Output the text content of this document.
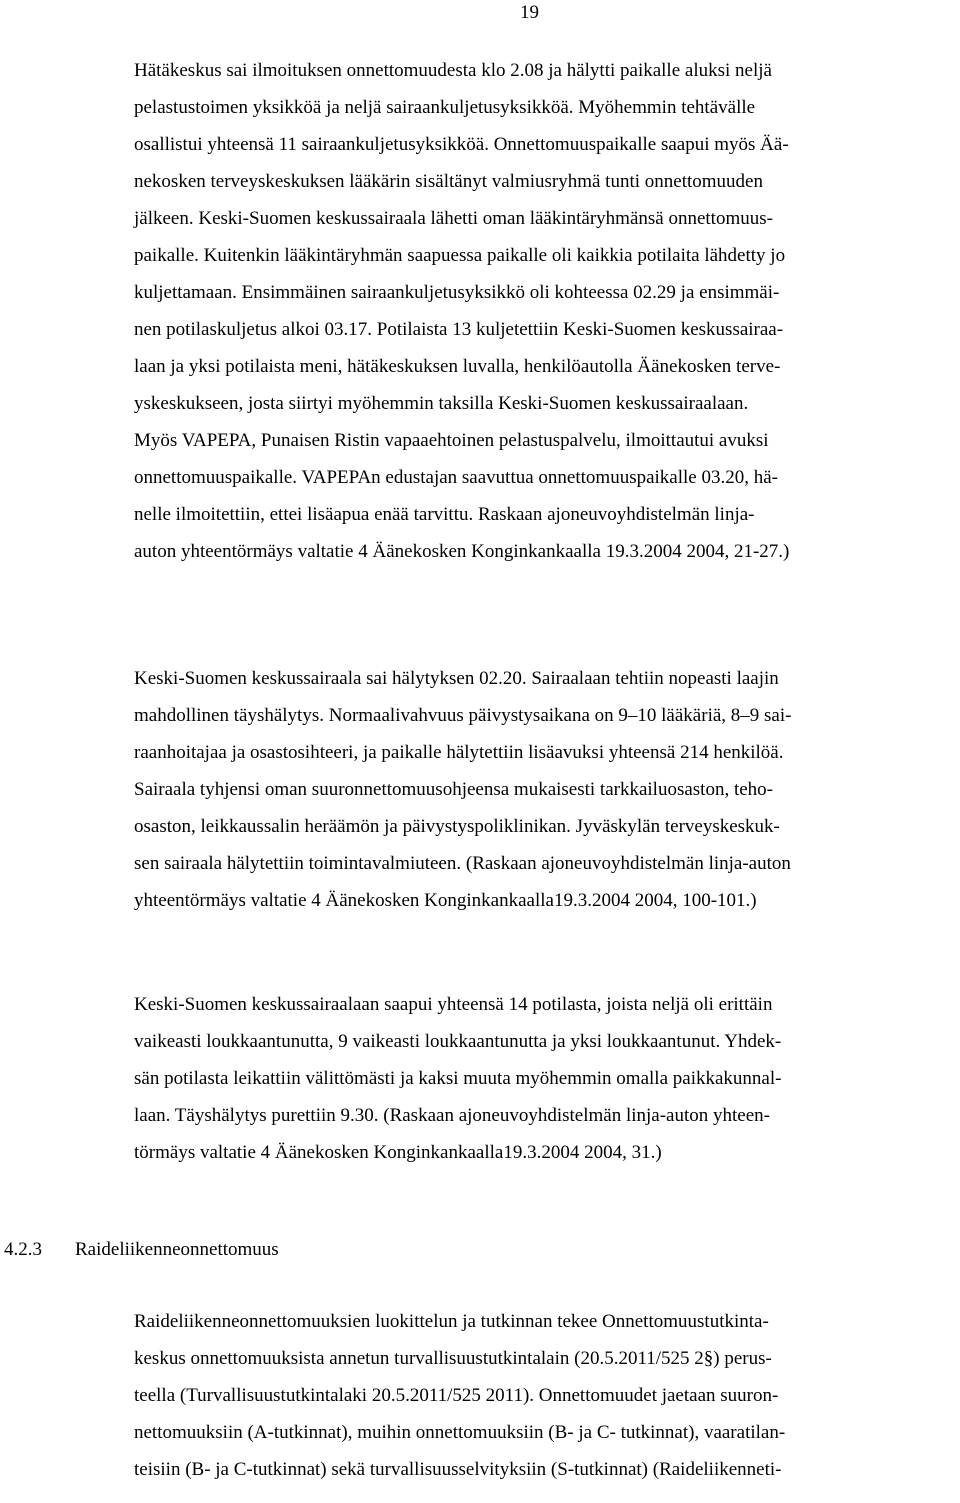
19
Hätäkeskus sai ilmoituksen onnettomuudesta klo 2.08 ja hälytti paikalle aluksi neljä
pelastustoimen yksikköä ja neljä sairaankuljetusyksikköä. Myöhemmin tehtävälle
osallistui yhteensä 11 sairaankuljetusyksikköä. Onnettomuuspaikalle saapui myös Ää-
nekosken terveyskeskuksen lääkärin sisältänyt valmiusryhmä tunti onnettomuuden
jälkeen. Keski-Suomen keskussairaala lähetti oman lääkintäryhmänsä onnettomuus-
paikalle. Kuitenkin lääkintäryhmän saapuessa paikalle oli kaikkia potilaita lähdetty jo
kuljettamaan. Ensimmäinen sairaankuljetusyksikkö oli kohteessa 02.29 ja ensimmäi-
nen potilaskuljetus alkoi 03.17. Potilaista 13 kuljetettiin Keski-Suomen keskussairaa-
laan ja yksi potilaista meni, hätäkeskuksen luvalla, henkilöautolla Äänekosken terve-
yskeskukseen, josta siirtyi myöhemmin taksilla Keski-Suomen keskussairaalaan.
Myös VAPEPA, Punaisen Ristin vapaaehtoinen pelastuspalvelu, ilmoittautui avuksi
onnettomuuspaikalle. VAPEPAn edustajan saavuttua onnettomuuspaikalle 03.20, hä-
nelle ilmoitettiin, ettei lisäapua enää tarvittu. Raskaan ajoneuvoyhdistelmän linja-
auton yhteentörmäys valtatie 4 Äänekosken Konginkankaalla 19.3.2004 2004, 21-27.)
Keski-Suomen keskussairaala sai hälytyksen 02.20. Sairaalaan tehtiin nopeasti laajin
mahdollinen täyshälytys. Normaalivahvuus päivystysaikana on 9–10 lääkäriä, 8–9 sai-
raanhoitajaa ja osastosihteeri, ja paikalle hälytettiin lisäavuksi yhteensä 214 henkilöä.
Sairaala tyhjensi oman suuronnettomuusohjeensa mukaisesti tarkkailuosaston, teho-
osaston, leikkaussalin heräämön ja päivystyspoliklinikan. Jyväskylän terveyskeskuk-
sen sairaala hälytettiin toimintavalmiuteen. (Raskaan ajoneuvoyhdistelmän linja-auton
yhteentörmäys valtatie 4 Äänekosken Konginkankaalla19.3.2004 2004, 100-101.)
Keski-Suomen keskussairaalaan saapui yhteensä 14 potilasta, joista neljä oli erittäin
vaikeasti loukkaantunutta, 9 vaikeasti loukkaantunutta ja yksi loukkaantunut. Yhdek-
sän potilasta leikattiin välittömästi ja kaksi muuta myöhemmin omalla paikkakunnal-
laan. Täyshälytys purettiin 9.30. (Raskaan ajoneuvoyhdistelmän linja-auton yhteen-
törmäys valtatie 4 Äänekosken Konginkankaalla19.3.2004 2004, 31.)
4.2.3 Raideliikenneonnettomuus
Raideliikenneonnettomuuksien luokittelun ja tutkinnan tekee Onnettomuustutkinta-
keskus onnettomuuksista annetun turvallisuustutkintalain (20.5.2011/525 2§) perus-
teella (Turvallisuustutkintalaki 20.5.2011/525 2011). Onnettomuudet jaetaan suuron-
nettomuuksiin (A-tutkinnat), muihin onnettomuuksiin (B- ja C- tutkinnat), vaaratilan-
teisiin (B- ja C-tutkinnat) sekä turvallisuusselvityksiin (S-tutkinnat) (Raideliikenneti-
